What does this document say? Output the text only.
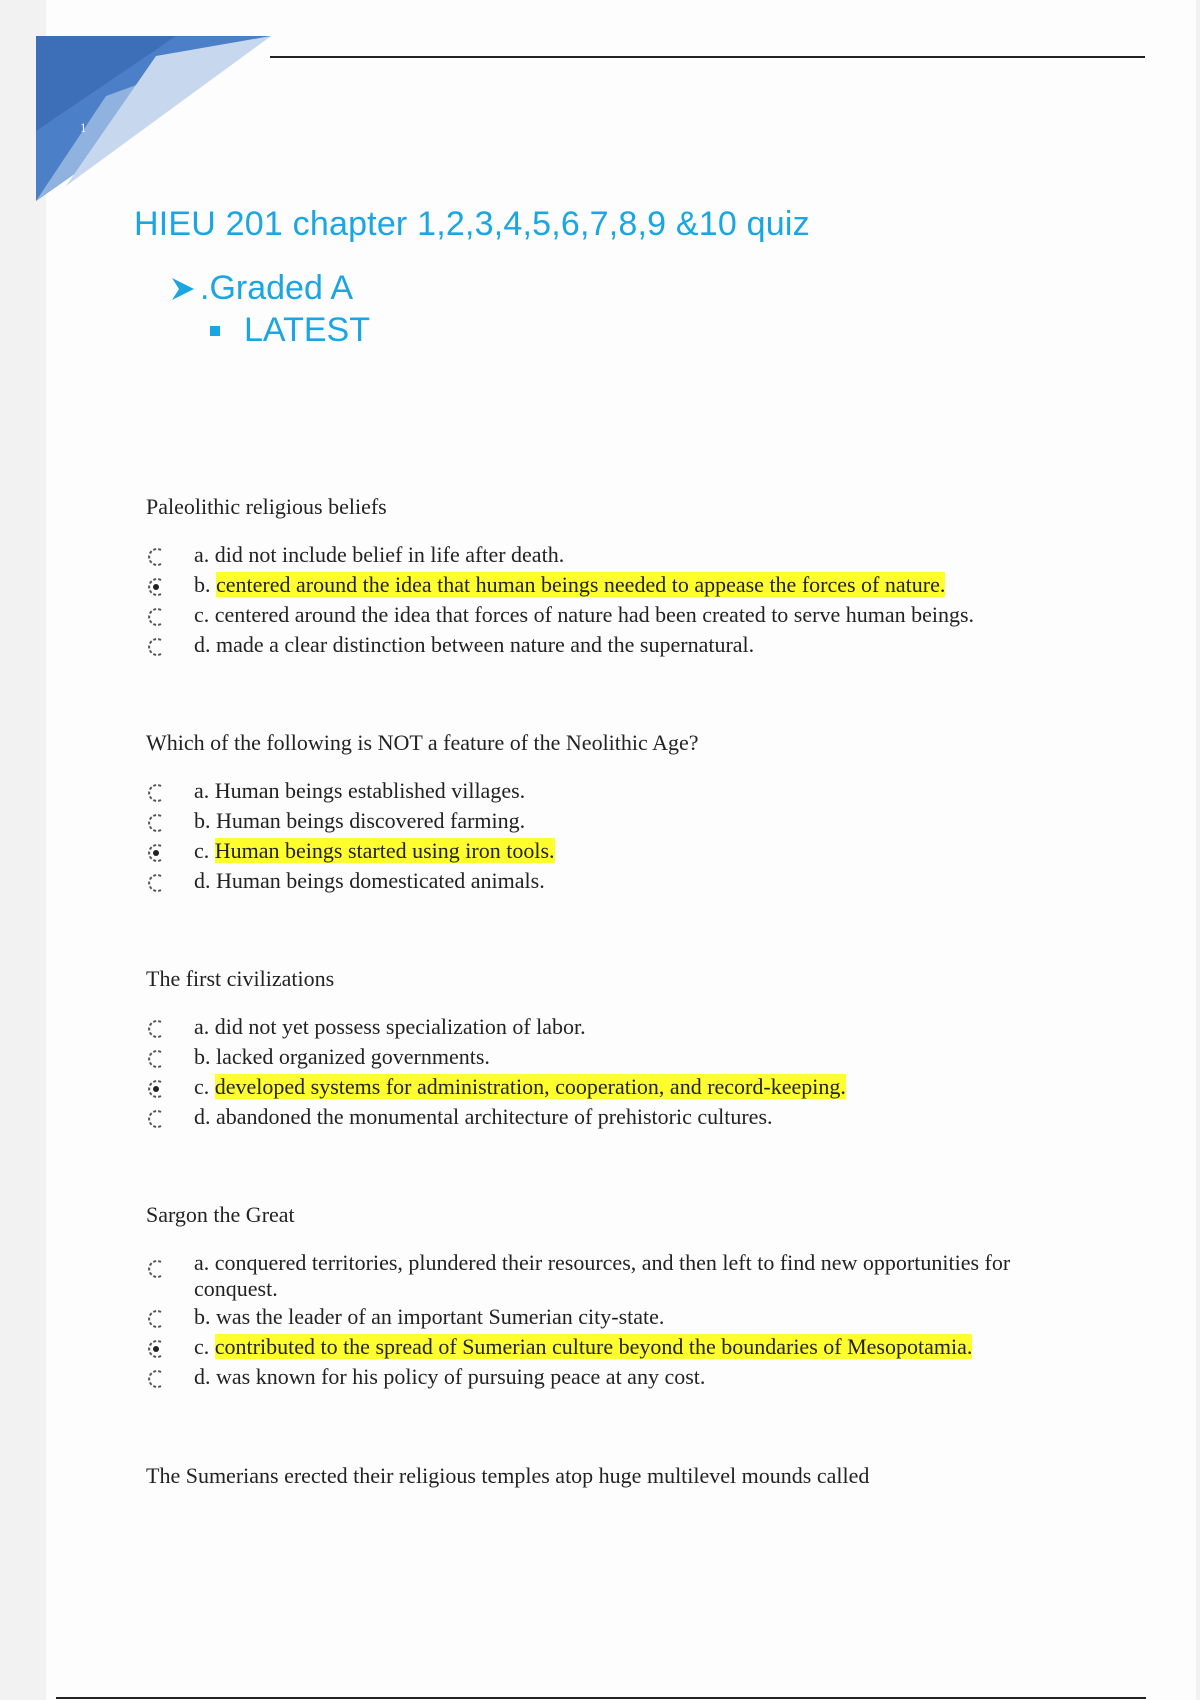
1
HIEU 201 chapter 1,2,3,4,5,6,7,8,9 &10 quiz
.Graded A
LATEST

Paleolithic religious beliefs

a. did not include belief in life after death.
b. centered around the idea that human beings needed to appease the forces of nature.
c. centered around the idea that forces of nature had been created to serve human beings.
d. made a clear distinction between nature and the supernatural.

Which of the following is NOT a feature of the Neolithic Age?

a. Human beings established villages.
b. Human beings discovered farming.
c. Human beings started using iron tools.
d. Human beings domesticated animals.

The first civilizations

a. did not yet possess specialization of labor.
b. lacked organized governments.
c. developed systems for administration, cooperation, and record-keeping.
d. abandoned the monumental architecture of prehistoric cultures.

Sargon the Great

a. conquered territories, plundered their resources, and then left to find new opportunities for conquest.
b. was the leader of an important Sumerian city-state.
c. contributed to the spread of Sumerian culture beyond the boundaries of Mesopotamia.
d. was known for his policy of pursuing peace at any cost.

The Sumerians erected their religious temples atop huge multilevel mounds called
